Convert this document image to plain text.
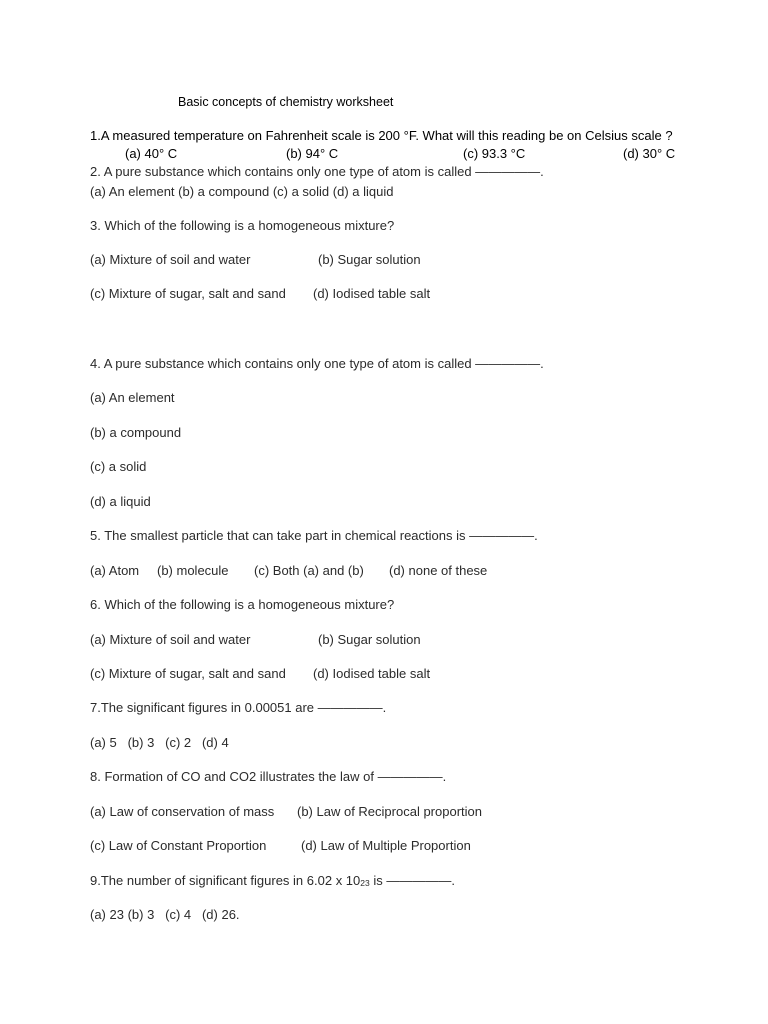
Basic concepts of chemistry worksheet
1.A measured temperature on Fahrenheit scale is 200 °F. What will this reading be on Celsius scale ?
(a) 40° C	(b) 94° C	(c) 93.3 °C	(d) 30° C
2. A pure substance which contains only one type of atom is called —————.
(a) An element (b) a compound (c) a solid (d) a liquid
3. Which of the following is a homogeneous mixture?
(a) Mixture of soil and water	(b) Sugar solution
(c) Mixture of sugar, salt and sand (d) Iodised table salt
4. A pure substance which contains only one type of atom is called —————.
(a) An element
(b) a compound
(c) a solid
(d) a liquid
5. The smallest particle that can take part in chemical reactions is —————.
(a) Atom (b) molecule (c) Both (a) and (b) (d) none of these
6. Which of the following is a homogeneous mixture?
(a) Mixture of soil and water	(b) Sugar solution
(c) Mixture of sugar, salt and sand (d) Iodised table salt
7.The significant figures in 0.00051 are —————.
(a) 5   (b) 3   (c) 2   (d) 4
8. Formation of CO and CO2 illustrates the law of —————.
(a) Law of conservation of mass (b) Law of Reciprocal proportion
(c) Law of Constant Proportion	(d) Law of Multiple Proportion
9.The number of significant figures in 6.02 x 1023 is —————.
(a) 23 (b) 3   (c) 4   (d) 26.
